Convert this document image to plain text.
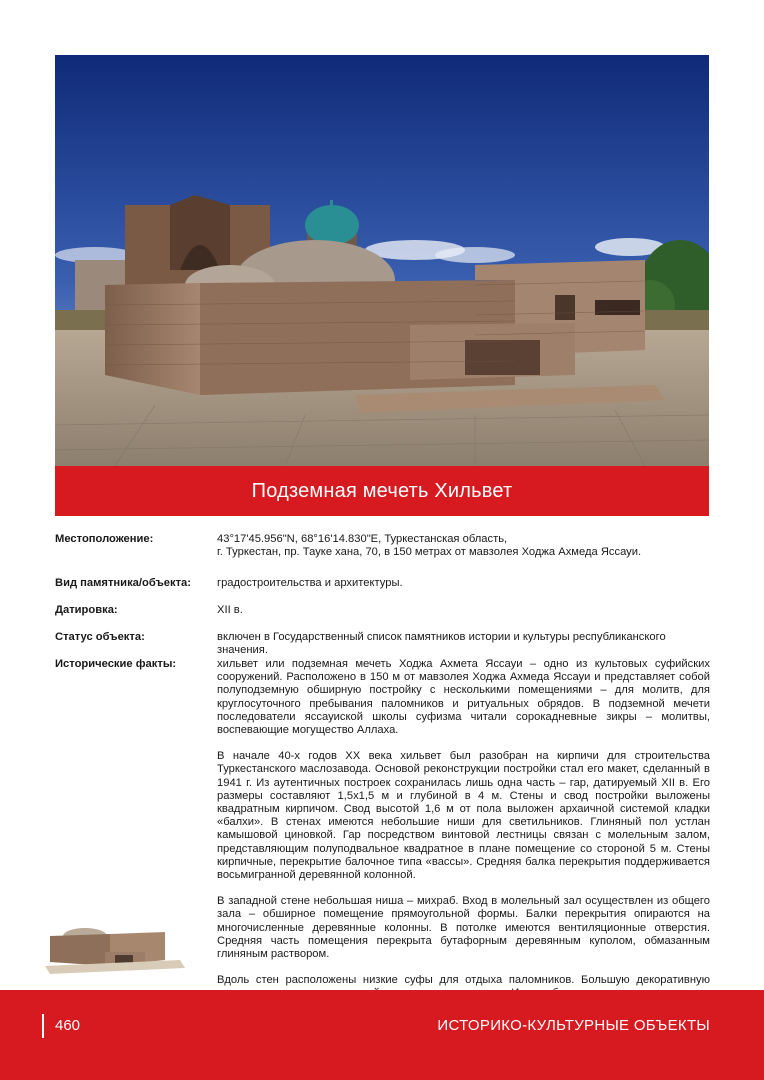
Подземная мечеть Хильвет
Местоположение:	43°17'45.956"N, 68°16'14.830"E, Туркестанская область,
г. Туркестан, пр. Тауке хана, 70, в 150 метрах от мавзолея Ходжа Ахмеда Яссауи.
Вид памятника/объекта:	градостроительства и архитектуры.
Датировка:	XII в.
Статус объекта:	включен в Государственный список памятников истории и культуры республиканского значения.
Исторические факты:	хильвет или подземная мечеть Ходжа Ахмета Яссауи – одно из культовых суфийских сооружений. Расположено в 150 м от мавзолея Ходжа Ахмеда Яссауи и представляет собой полуподземную обширную постройку с несколькими помещениями – для молитв, для круглосуточного пребывания паломников и ритуальных обрядов. В подземной мечети последователи яссауиской школы суфизма читали сорокадневные зикры – молитвы, воспевающие могущество Аллаха.

В начале 40-х годов XX века хильвет был разобран на кирпичи для строительства Туркестанского маслозавода. Основой реконструкции постройки стал его макет, сделанный в 1941 г. Из аутентичных построек сохранилась лишь одна часть – гар, датируемый XII в. Его размеры составляют 1,5х1,5 м и глубиной в 4 м. Стены и свод постройки выложены квадратным кирпичом. Свод высотой 1,6 м от пола выложен архаичной системой кладки «балхи». В стенах имеются небольшие ниши для светильников. Глиняный пол устлан камышовой циновкой. Гар посредством винтовой лестницы связан с молельным залом, представляющим полуподвальное квадратное в плане помещение со стороной 5 м. Стены кирпичные, перекрытие балочное типа «вассы». Средняя балка перекрытия поддерживается восьмигранной деревянной колонной.

В западной стене небольшая ниша – михраб. Вход в молельный зал осуществлен из общего зала – обширное помещение прямоугольной формы. Балки перекрытия опираются на многочисленные деревянные колонны. В потолке имеются вентиляционные отверстия. Средняя часть помещения перекрыта бутафорным деревянным куполом, обмазанным глиняным раствором.

Вдоль стен расположены низкие суфы для отдыха паломников. Большую декоративную

460	ИСТОРИКО-КУЛЬТУРНЫЕ ОБЪЕКТЫ
